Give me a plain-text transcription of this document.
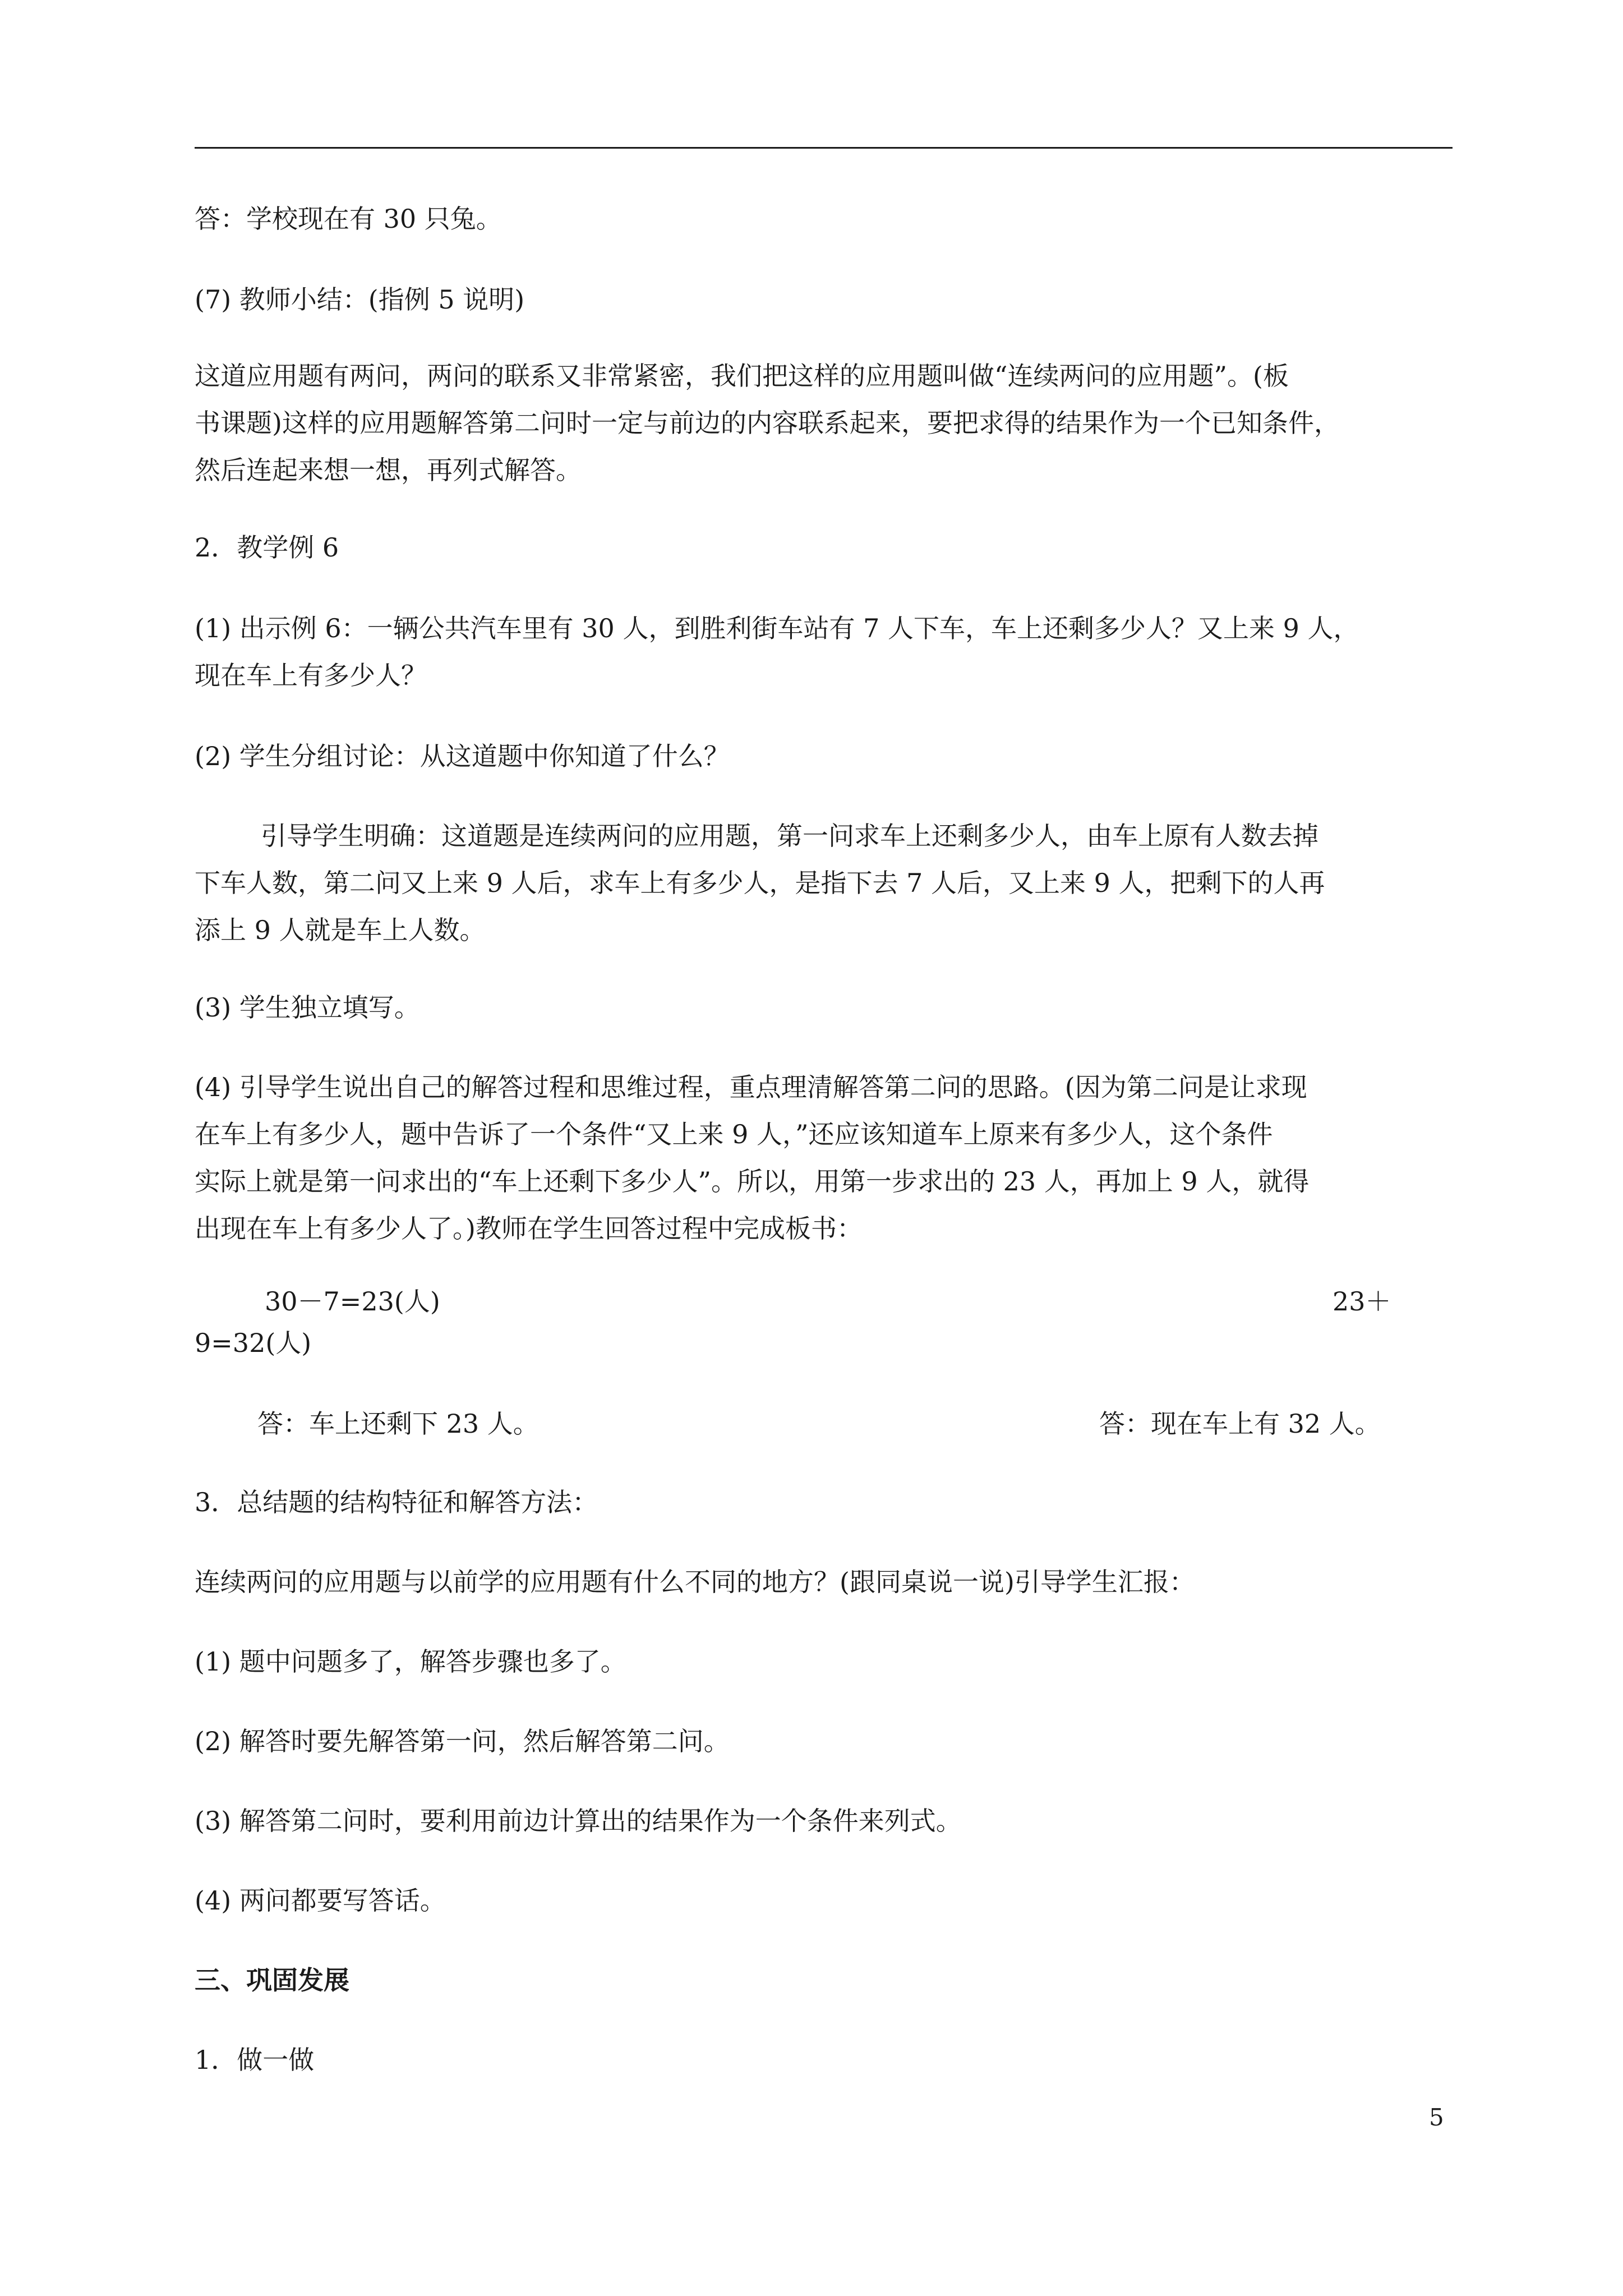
答：学校现在有 30 只兔。
(7) 教师小结：(指例 5 说明)
这道应用题有两问，两问的联系又非常紧密，我们把这样的应用题叫做“连续两问的应用题”。(板
书课题)这样的应用题解答第二问时一定与前边的内容联系起来，要把求得的结果作为一个已知条件，
然后连起来想一想，再列式解答。
2．教学例 6
(1) 出示例 6：一辆公共汽车里有 30 人，到胜利街车站有 7 人下车，车上还剩多少人？又上来 9 人，
现在车上有多少人？
(2) 学生分组讨论：从这道题中你知道了什么？
引导学生明确：这道题是连续两问的应用题，第一问求车上还剩多少人，由车上原有人数去掉
下车人数，第二问又上来 9 人后，求车上有多少人，是指下去 7 人后，又上来 9 人，把剩下的人再
添上 9 人就是车上人数。
(3) 学生独立填写。
(4) 引导学生说出自己的解答过程和思维过程，重点理清解答第二问的思路。(因为第二问是让求现
在车上有多少人，题中告诉了一个条件“又上来 9 人，”还应该知道车上原来有多少人，这个条件
实际上就是第一问求出的“车上还剩下多少人”。所以，用第一步求出的 23 人，再加上 9 人，就得
出现在车上有多少人了。)教师在学生回答过程中完成板书：
30－7=23(人)	23＋
9=32(人)
答：车上还剩下 23 人。	答：现在车上有 32 人。
3．总结题的结构特征和解答方法：
连续两问的应用题与以前学的应用题有什么不同的地方？(跟同桌说一说)引导学生汇报：
(1) 题中问题多了，解答步骤也多了。
(2) 解答时要先解答第一问，然后解答第二问。
(3) 解答第二问时，要利用前边计算出的结果作为一个条件来列式。
(4) 两问都要写答话。
三、巩固发展
1．做一做
5
